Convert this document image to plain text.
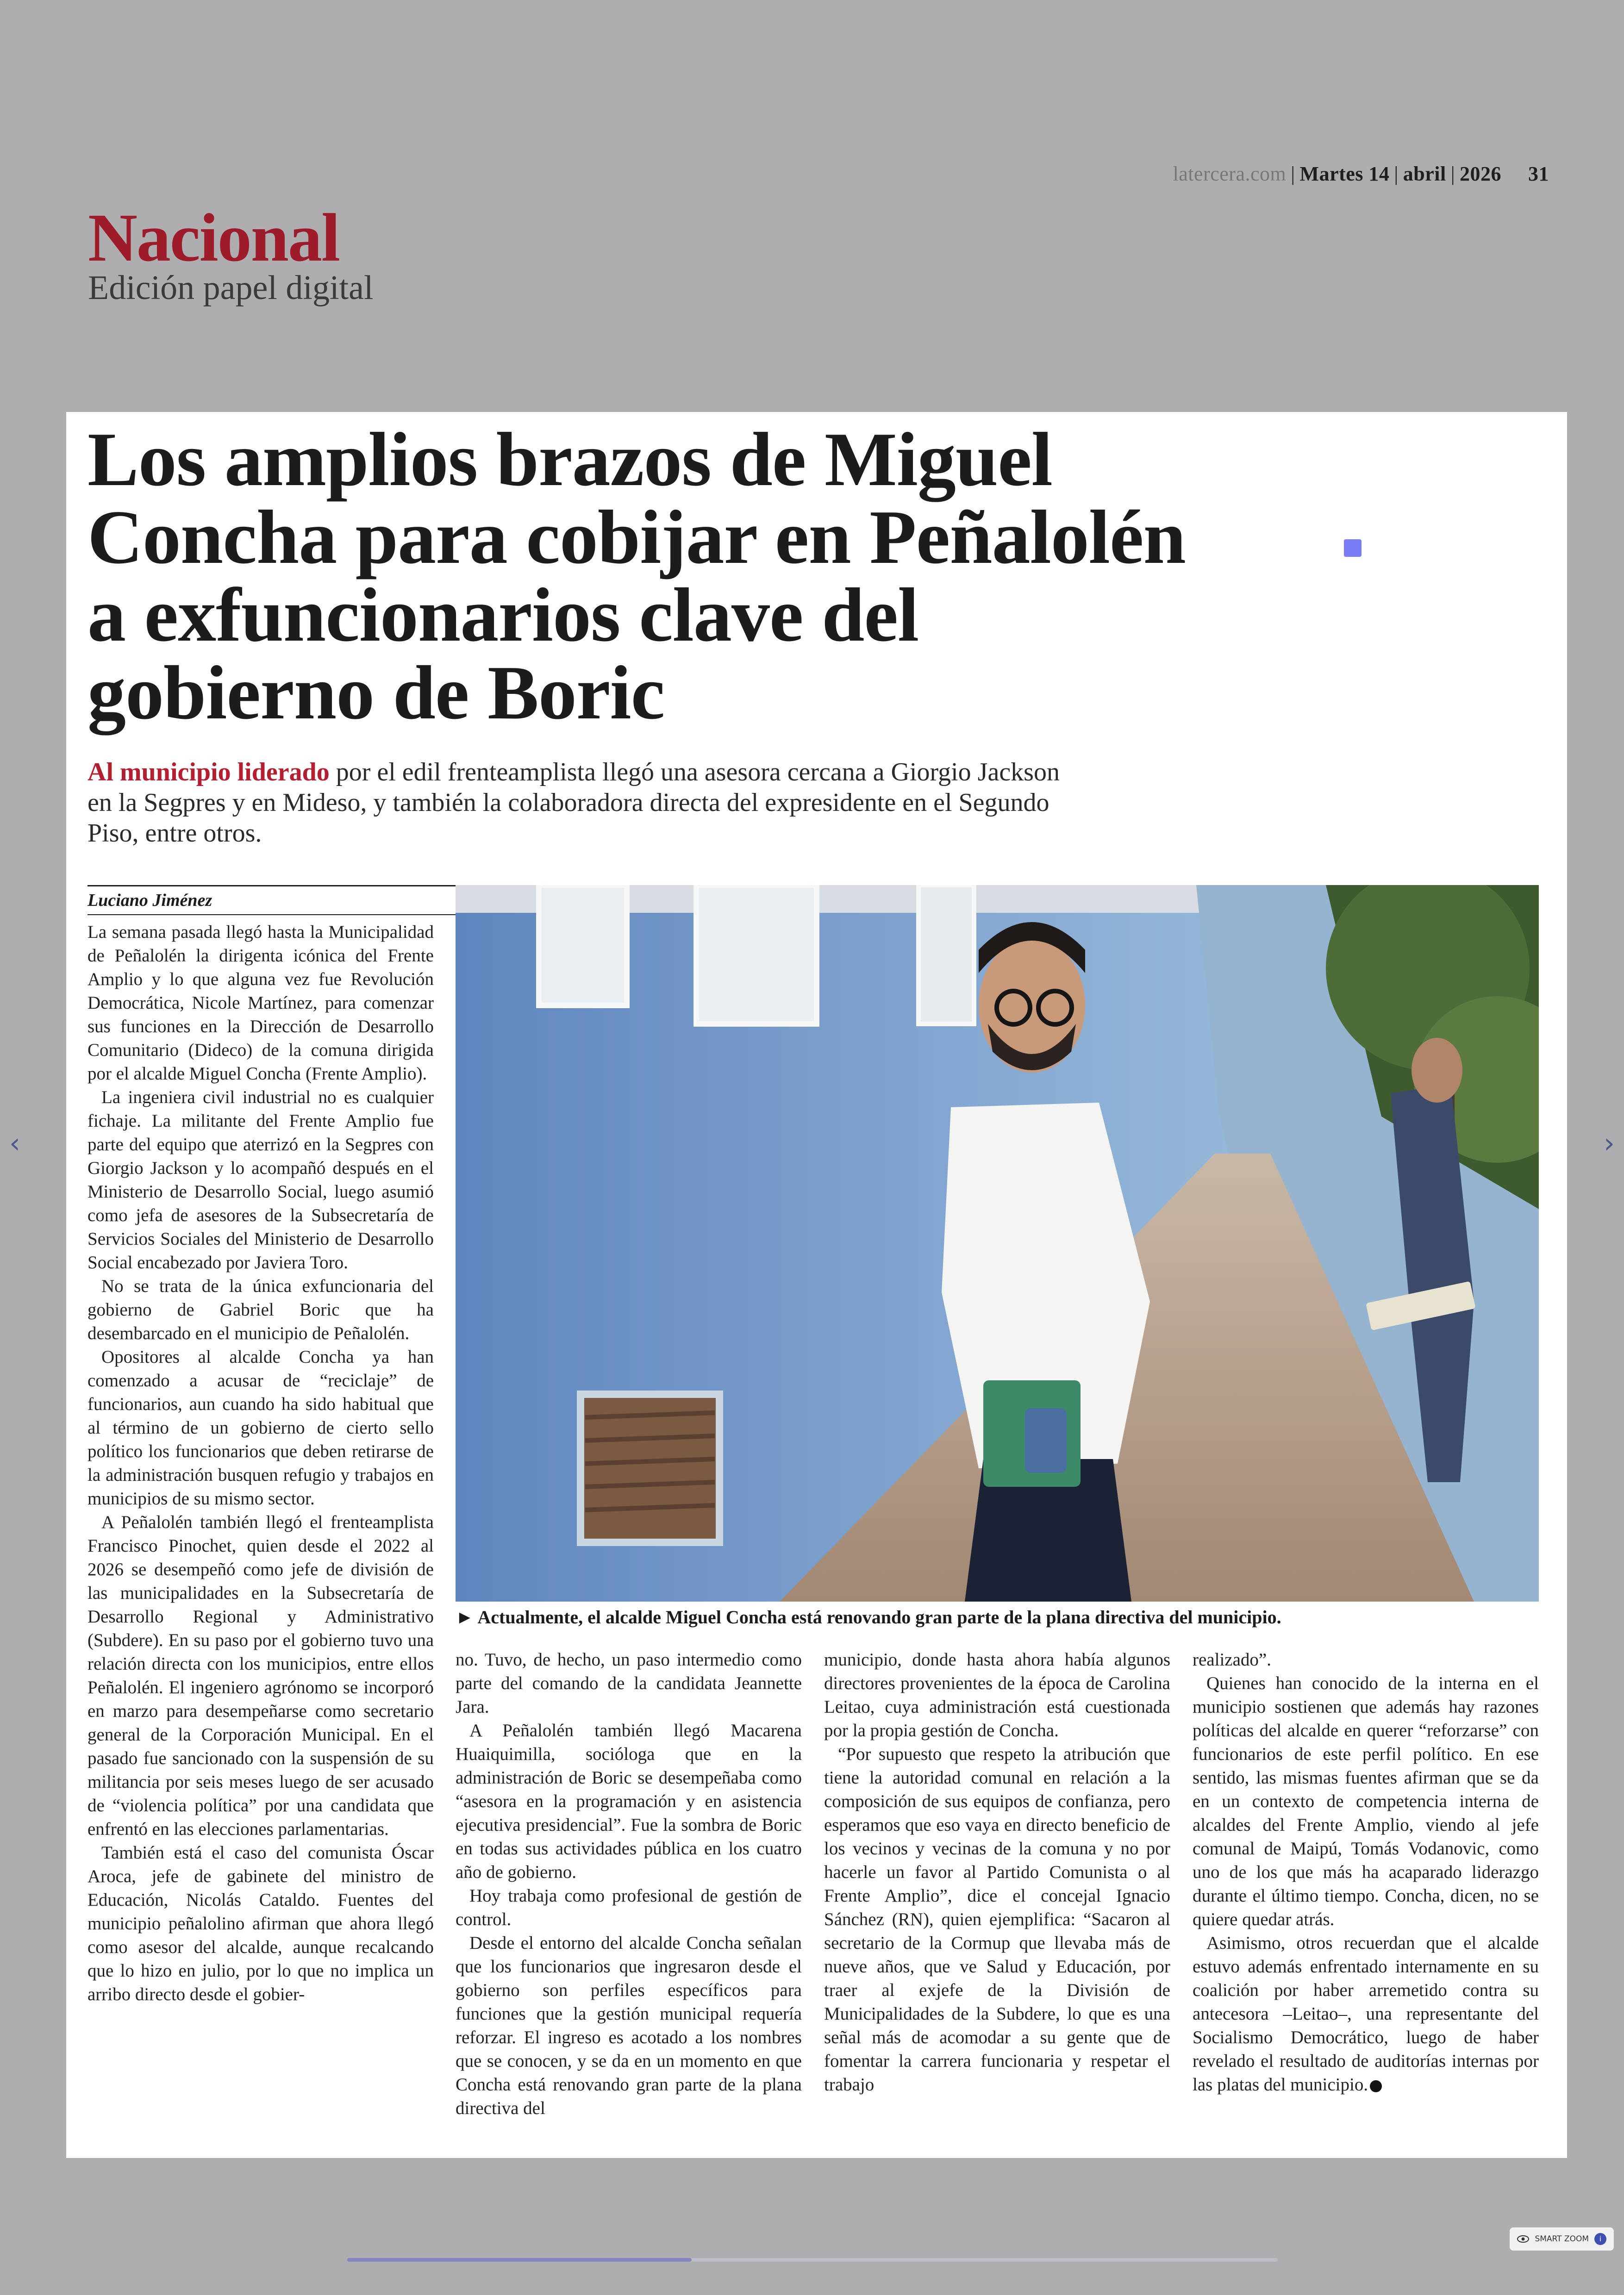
latercera.com | Martes 14 | abril | 2026 31
Nacional
Edición papel digital
Los amplios brazos de Miguel Concha para cobijar en Peñalolén a exfuncionarios clave del gobierno de Boric

Al municipio liderado por el edil frenteamplista llegó una asesora cercana a Giorgio Jackson en la Segpres y en Mideso, y también la colaboradora directa del expresidente en el Segundo Piso, entre otros.

Luciano Jiménez
► Actualmente, el alcalde Miguel Concha está renovando gran parte de la plana directiva del municipio.

La semana pasada llegó hasta la Municipalidad de Peñalolén la dirigenta icónica del Frente Amplio y lo que alguna vez fue Revolución Democrática, Nicole Martínez, para comenzar sus funciones en la Dirección de Desarrollo Comunitario (Dideco) de la comuna dirigida por el alcalde Miguel Concha (Frente Amplio).

La ingeniera civil industrial no es cualquier fichaje. La militante del Frente Amplio fue parte del equipo que aterrizó en la Segpres con Giorgio Jackson y lo acompañó después en el Ministerio de Desarrollo Social, luego asumió como jefa de asesores de la Subsecretaría de Servicios Sociales del Ministerio de Desarrollo Social encabezado por Javiera Toro.

No se trata de la única exfuncionaria del gobierno de Gabriel Boric que ha desembarcado en el municipio de Peñalolén.

Opositores al alcalde Concha ya han comenzado a acusar de “reciclaje” de funcionarios, aun cuando ha sido habitual que al término de un gobierno de cierto sello político los funcionarios que deben retirarse de la administración busquen refugio y trabajos en municipios de su mismo sector.

A Peñalolén también llegó el frenteamplista Francisco Pinochet, quien desde el 2022 al 2026 se desempeñó como jefe de división de las municipalidades en la Subsecretaría de Desarrollo Regional y Administrativo (Subdere). En su paso por el gobierno tuvo una relación directa con los municipios, entre ellos Peñalolén. El ingeniero agrónomo se incorporó en marzo para desempeñarse como secretario general de la Corporación Municipal. En el pasado fue sancionado con la suspensión de su militancia por seis meses luego de ser acusado de “violencia política” por una candidata que enfrentó en las elecciones parlamentarias.

También está el caso del comunista Óscar Aroca, jefe de gabinete del ministro de Educación, Nicolás Cataldo. Fuentes del municipio peñalolino afirman que ahora llegó como asesor del alcalde, aunque recalcando que lo hizo en julio, por lo que no implica un arribo directo desde el gobier-

no. Tuvo, de hecho, un paso intermedio como parte del comando de la candidata Jeannette Jara.

A Peñalolén también llegó Macarena Huaiquimilla, socióloga que en la administración de Boric se desempeñaba como “asesora en la programación y en asistencia ejecutiva presidencial”. Fue la sombra de Boric en todas sus actividades pública en los cuatro año de gobierno.

Hoy trabaja como profesional de gestión de control.

Desde el entorno del alcalde Concha señalan que los funcionarios que ingresaron desde el gobierno son perfiles específicos para funciones que la gestión municipal requería reforzar. El ingreso es acotado a los nombres que se conocen, y se da en un momento en que Concha está renovando gran parte de la plana directiva del

municipio, donde hasta ahora había algunos directores provenientes de la época de Carolina Leitao, cuya administración está cuestionada por la propia gestión de Concha.

“Por supuesto que respeto la atribución que tiene la autoridad comunal en relación a la composición de sus equipos de confianza, pero esperamos que eso vaya en directo beneficio de los vecinos y vecinas de la comuna y no por hacerle un favor al Partido Comunista o al Frente Amplio”, dice el concejal Ignacio Sánchez (RN), quien ejemplifica: “Sacaron al secretario de la Cormup que llevaba más de nueve años, que ve Salud y Educación, por traer al exjefe de la División de Municipalidades de la Subdere, lo que es una señal más de acomodar a su gente que de fomentar la carrera funcionaria y respetar el trabajo

realizado”.

Quienes han conocido de la interna en el municipio sostienen que además hay razones políticas del alcalde en querer “reforzarse” con funcionarios de este perfil político. En ese sentido, las mismas fuentes afirman que se da en un contexto de competencia interna de alcaldes del Frente Amplio, viendo al jefe comunal de Maipú, Tomás Vodanovic, como uno de los que más ha acaparado liderazgo durante el último tiempo. Concha, dicen, no se quiere quedar atrás.

Asimismo, otros recuerdan que el alcalde estuvo además enfrentado internamente en su coalición por haber arremetido contra su antecesora –Leitao–, una representante del Socialismo Democrático, luego de haber revelado el resultado de auditorías internas por las platas del municipio.

‹	›
SMART ZOOM	i
